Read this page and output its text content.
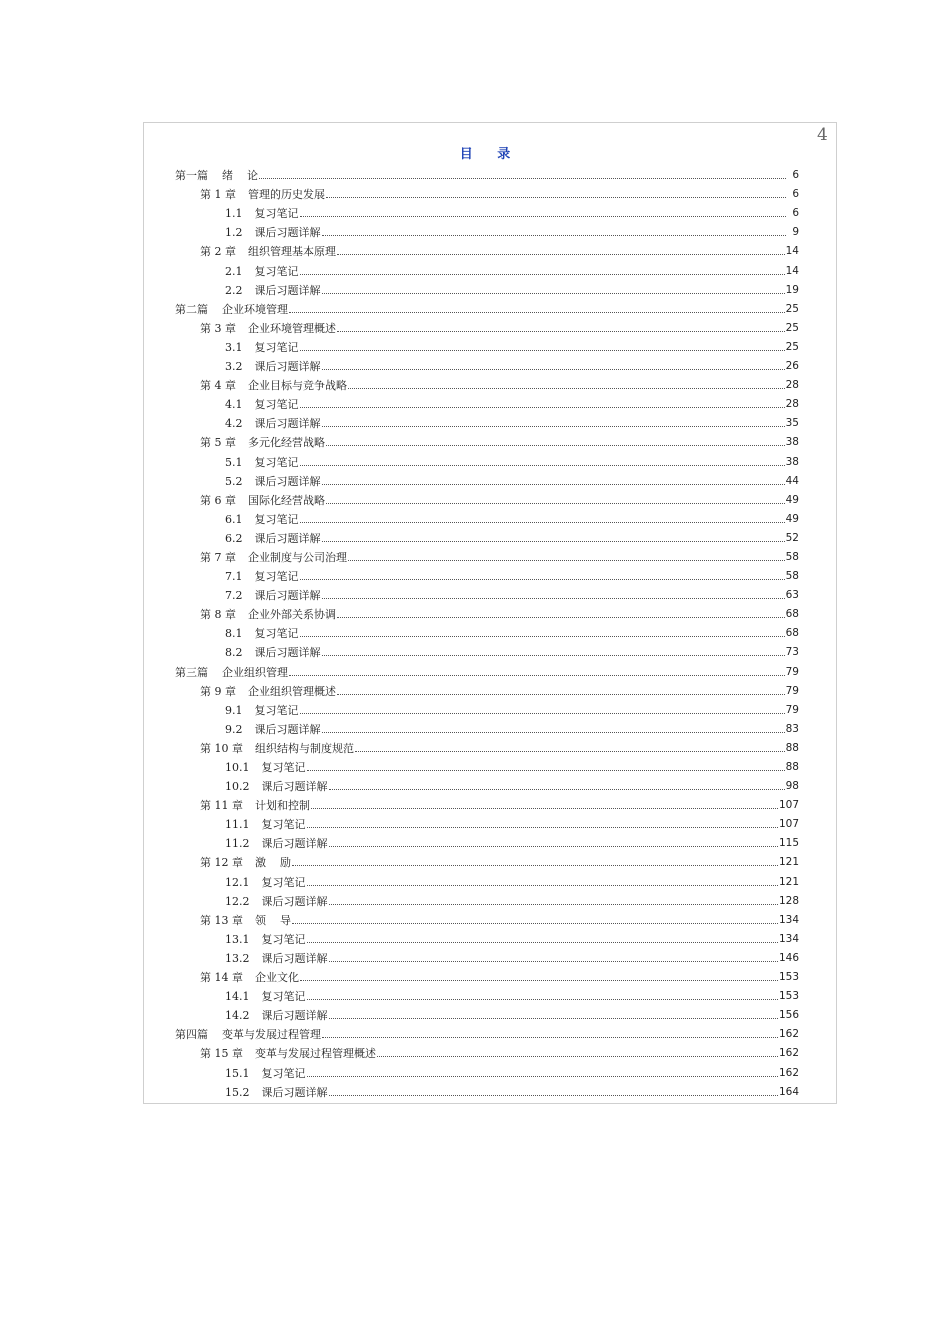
4
目 录
第一篇 绪    论	6
第 1 章 管理的历史发展	6
1.1 复习笔记	6
1.2 课后习题详解	9
第 2 章 组织管理基本原理	14
2.1 复习笔记	14
2.2 课后习题详解	19
第二篇 企业环境管理	25
第 3 章 企业环境管理概述	25
3.1 复习笔记	25
3.2 课后习题详解	26
第 4 章 企业目标与竞争战略	28
4.1 复习笔记	28
4.2 课后习题详解	35
第 5 章 多元化经营战略	38
5.1 复习笔记	38
5.2 课后习题详解	44
第 6 章 国际化经营战略	49
6.1 复习笔记	49
6.2 课后习题详解	52
第 7 章 企业制度与公司治理	58
7.1 复习笔记	58
7.2 课后习题详解	63
第 8 章 企业外部关系协调	68
8.1 复习笔记	68
8.2 课后习题详解	73
第三篇 企业组织管理	79
第 9 章 企业组织管理概述	79
9.1 复习笔记	79
9.2 课后习题详解	83
第 10 章 组织结构与制度规范	88
10.1 复习笔记	88
10.2 课后习题详解	98
第 11 章 计划和控制	107
11.1 复习笔记	107
11.2 课后习题详解	115
第 12 章 激    励	121
12.1 复习笔记	121
12.2 课后习题详解	128
第 13 章 领    导	134
13.1 复习笔记	134
13.2 课后习题详解	146
第 14 章 企业文化	153
14.1 复习笔记	153
14.2 课后习题详解	156
第四篇 变革与发展过程管理	162
第 15 章 变革与发展过程管理概述	162
15.1 复习笔记	162
15.2 课后习题详解	164
